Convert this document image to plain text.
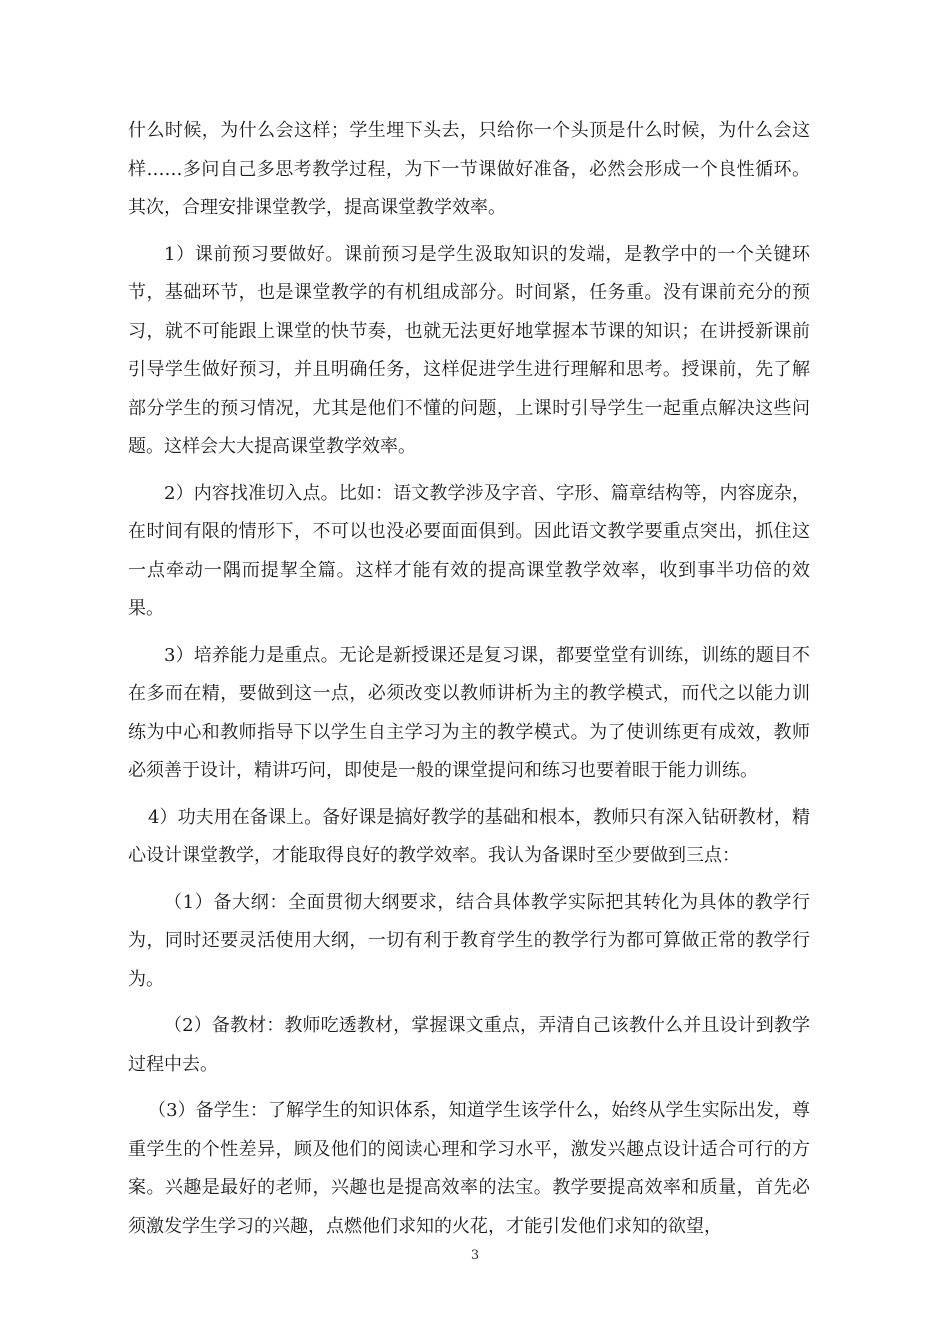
什么时候，为什么会这样；学生埋下头去，只给你一个头顶是什么时候，为什么会这样……多问自己多思考教学过程，为下一节课做好准备，必然会形成一个良性循环。其次，合理安排课堂教学，提高课堂教学效率。

1）课前预习要做好。课前预习是学生汲取知识的发端，是教学中的一个关键环节，基础环节，也是课堂教学的有机组成部分。时间紧，任务重。没有课前充分的预习，就不可能跟上课堂的快节奏，也就无法更好地掌握本节课的知识；在讲授新课前引导学生做好预习，并且明确任务，这样促进学生进行理解和思考。授课前，先了解部分学生的预习情况，尤其是他们不懂的问题，上课时引导学生一起重点解决这些问题。这样会大大提高课堂教学效率。

2）内容找准切入点。比如：语文教学涉及字音、字形、篇章结构等，内容庞杂，在时间有限的情形下，不可以也没必要面面俱到。因此语文教学要重点突出，抓住这一点牵动一隅而提挈全篇。这样才能有效的提高课堂教学效率，收到事半功倍的效果。

3）培养能力是重点。无论是新授课还是复习课，都要堂堂有训练，训练的题目不在多而在精，要做到这一点，必须改变以教师讲析为主的教学模式，而代之以能力训练为中心和教师指导下以学生自主学习为主的教学模式。为了使训练更有成效，教师必须善于设计，精讲巧问，即使是一般的课堂提问和练习也要着眼于能力训练。

4）功夫用在备课上。备好课是搞好教学的基础和根本，教师只有深入钻研教材，精心设计课堂教学，才能取得良好的教学效率。我认为备课时至少要做到三点：

（1）备大纲：全面贯彻大纲要求，结合具体教学实际把其转化为具体的教学行为，同时还要灵活使用大纲，一切有利于教育学生的教学行为都可算做正常的教学行为。

（2）备教材：教师吃透教材，掌握课文重点，弄清自己该教什么并且设计到教学过程中去。

（3）备学生：了解学生的知识体系，知道学生该学什么，始终从学生实际出发，尊重学生的个性差异，顾及他们的阅读心理和学习水平，激发兴趣点设计适合可行的方案。兴趣是最好的老师，兴趣也是提高效率的法宝。教学要提高效率和质量，首先必须激发学生学习的兴趣，点燃他们求知的火花，才能引发他们求知的欲望，

3
